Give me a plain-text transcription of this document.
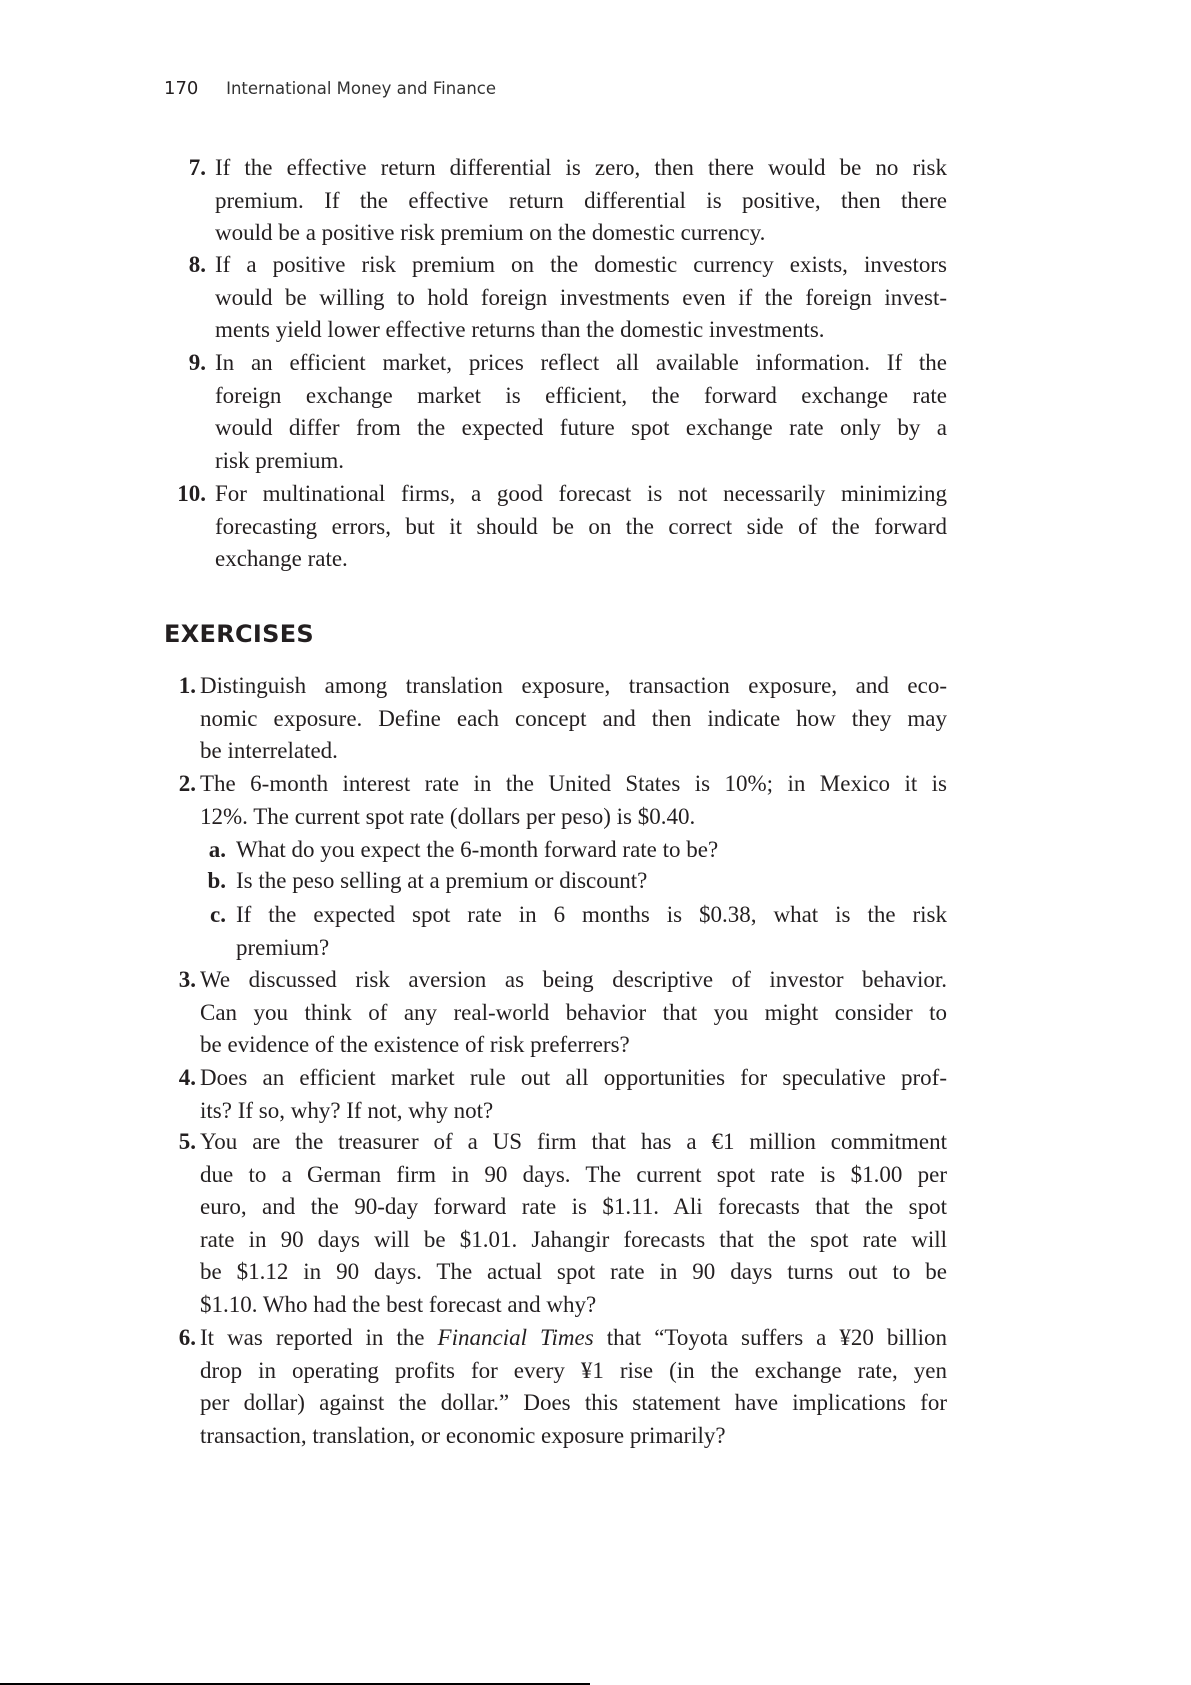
170 International Money and Finance
7. If the effective return differential is zero, then there would be no risk
premium. If the effective return differential is positive, then there
would be a positive risk premium on the domestic currency.
8. If a positive risk premium on the domestic currency exists, investors
would be willing to hold foreign investments even if the foreign invest-
ments yield lower effective returns than the domestic investments.
9. In an efficient market, prices reflect all available information. If the
foreign exchange market is efficient, the forward exchange rate
would differ from the expected future spot exchange rate only by a
risk premium.
10. For multinational firms, a good forecast is not necessarily minimizing
forecasting errors, but it should be on the correct side of the forward
exchange rate.
EXERCISES
1. Distinguish among translation exposure, transaction exposure, and eco-
nomic exposure. Define each concept and then indicate how they may
be interrelated.
2. The 6-month interest rate in the United States is 10%; in Mexico it is
12%. The current spot rate (dollars per peso) is $0.40.
a. What do you expect the 6-month forward rate to be?
b. Is the peso selling at a premium or discount?
c. If the expected spot rate in 6 months is $0.38, what is the risk
premium?
3. We discussed risk aversion as being descriptive of investor behavior.
Can you think of any real-world behavior that you might consider to
be evidence of the existence of risk preferrers?
4. Does an efficient market rule out all opportunities for speculative prof-
its? If so, why? If not, why not?
5. You are the treasurer of a US firm that has a €1 million commitment
due to a German firm in 90 days. The current spot rate is $1.00 per
euro, and the 90-day forward rate is $1.11. Ali forecasts that the spot
rate in 90 days will be $1.01. Jahangir forecasts that the spot rate will
be $1.12 in 90 days. The actual spot rate in 90 days turns out to be
$1.10. Who had the best forecast and why?
6. It was reported in the Financial Times that “Toyota suffers a ¥20 billion
drop in operating profits for every ¥1 rise (in the exchange rate, yen
per dollar) against the dollar.” Does this statement have implications for
transaction, translation, or economic exposure primarily?
